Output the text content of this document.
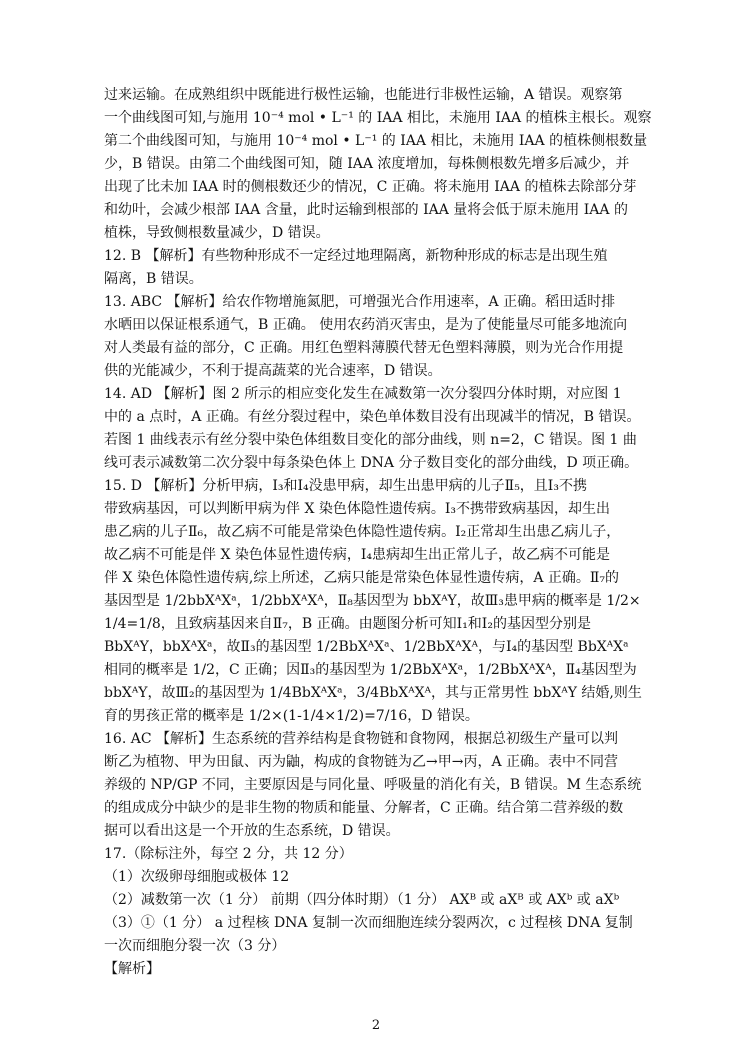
过来运输。在成熟组织中既能进行极性运输，也能进行非极性运输，A 错误。观察第
一个曲线图可知,与施用 10⁻⁴ mol • L⁻¹ 的 IAA 相比，未施用 IAA 的植株主根长。观察
第二个曲线图可知，与施用 10⁻⁴ mol • L⁻¹ 的 IAA 相比，未施用 IAA 的植株侧根数量
少，B 错误。由第二个曲线图可知，随 IAA 浓度增加，每株侧根数先增多后减少，并
出现了比未加 IAA 时的侧根数还少的情况，C 正确。将未施用 IAA 的植株去除部分芽
和幼叶，会减少根部 IAA 含量，此时运输到根部的 IAA 量将会低于原未施用 IAA 的
植株，导致侧根数量减少，D 错误。
12. B 【解析】有些物种形成不一定经过地理隔离，新物种形成的标志是出现生殖
隔离，B 错误。
13. ABC 【解析】给农作物增施氮肥，可增强光合作用速率，A 正确。稻田适时排
水晒田以保证根系通气，B 正确。 使用农药消灭害虫，是为了使能量尽可能多地流向
对人类最有益的部分，C 正确。用红色塑料薄膜代替无色塑料薄膜，则为光合作用提
供的光能减少，不利于提高蔬菜的光合速率，D 错误。
14. AD 【解析】图 2 所示的相应变化发生在减数第一次分裂四分体时期，对应图 1
中的 a 点时，A 正确。有丝分裂过程中，染色单体数目没有出现减半的情况，B 错误。
若图 1 曲线表示有丝分裂中染色体组数目变化的部分曲线，则 n=2，C 错误。图 1 曲
线可表示减数第二次分裂中每条染色体上 DNA 分子数目变化的部分曲线，D 项正确。
15. D 【解析】分析甲病，Ⅰ₃和Ⅰ₄没患甲病，却生出患甲病的儿子Ⅱ₅，且Ⅰ₃不携
带致病基因，可以判断甲病为伴 X 染色体隐性遗传病。Ⅰ₃不携带致病基因，却生出
患乙病的儿子Ⅱ₆，故乙病不可能是常染色体隐性遗传病。Ⅰ₂正常却生出患乙病儿子，
故乙病不可能是伴 X 染色体显性遗传病，Ⅰ₄患病却生出正常儿子，故乙病不可能是
伴 X 染色体隐性遗传病,综上所述，乙病只能是常染色体显性遗传病，A 正确。Ⅱ₇的
基因型是 1/2bbXᴬXᵃ，1/2bbXᴬXᴬ，Ⅱ₈基因型为 bbXᴬY，故Ⅲ₃患甲病的概率是 1/2×
1/4=1/8，且致病基因来自Ⅱ₇，B 正确。由题图分析可知Ⅰ₁和Ⅰ₂的基因型分别是
BbXᴬY，bbXᴬXᵃ，故Ⅱ₃的基因型 1/2BbXᴬXᵃ、1/2BbXᴬXᴬ，与Ⅰ₄的基因型 BbXᴬXᵃ
相同的概率是 1/2，C 正确；因Ⅱ₃的基因型为 1/2BbXᴬXᵃ，1/2BbXᴬXᴬ，Ⅱ₄基因型为
bbXᴬY，故Ⅲ₂的基因型为 1/4BbXᴬXᵃ，3/4BbXᴬXᴬ，其与正常男性 bbXᴬY 结婚,则生
育的男孩正常的概率是 1/2×(1-1/4×1/2)=7/16，D 错误。
16. AC 【解析】生态系统的营养结构是食物链和食物网，根据总初级生产量可以判
断乙为植物、甲为田鼠、丙为鼬，构成的食物链为乙→甲→丙，A 正确。表中不同营
养级的 NP/GP 不同，主要原因是与同化量、呼吸量的消化有关，B 错误。M 生态系统
的组成成分中缺少的是非生物的物质和能量、分解者，C 正确。结合第二营养级的数
据可以看出这是一个开放的生态系统，D 错误。
17.（除标注外，每空 2 分，共 12 分）
（1）次级卵母细胞或极体 12
（2）减数第一次（1 分） 前期（四分体时期）（1 分） AXᴮ 或 aXᴮ 或 AXᵇ 或 aXᵇ
（3）①（1 分） a 过程核 DNA 复制一次而细胞连续分裂两次，c 过程核 DNA 复制
一次而细胞分裂一次（3 分）
【解析】
2
